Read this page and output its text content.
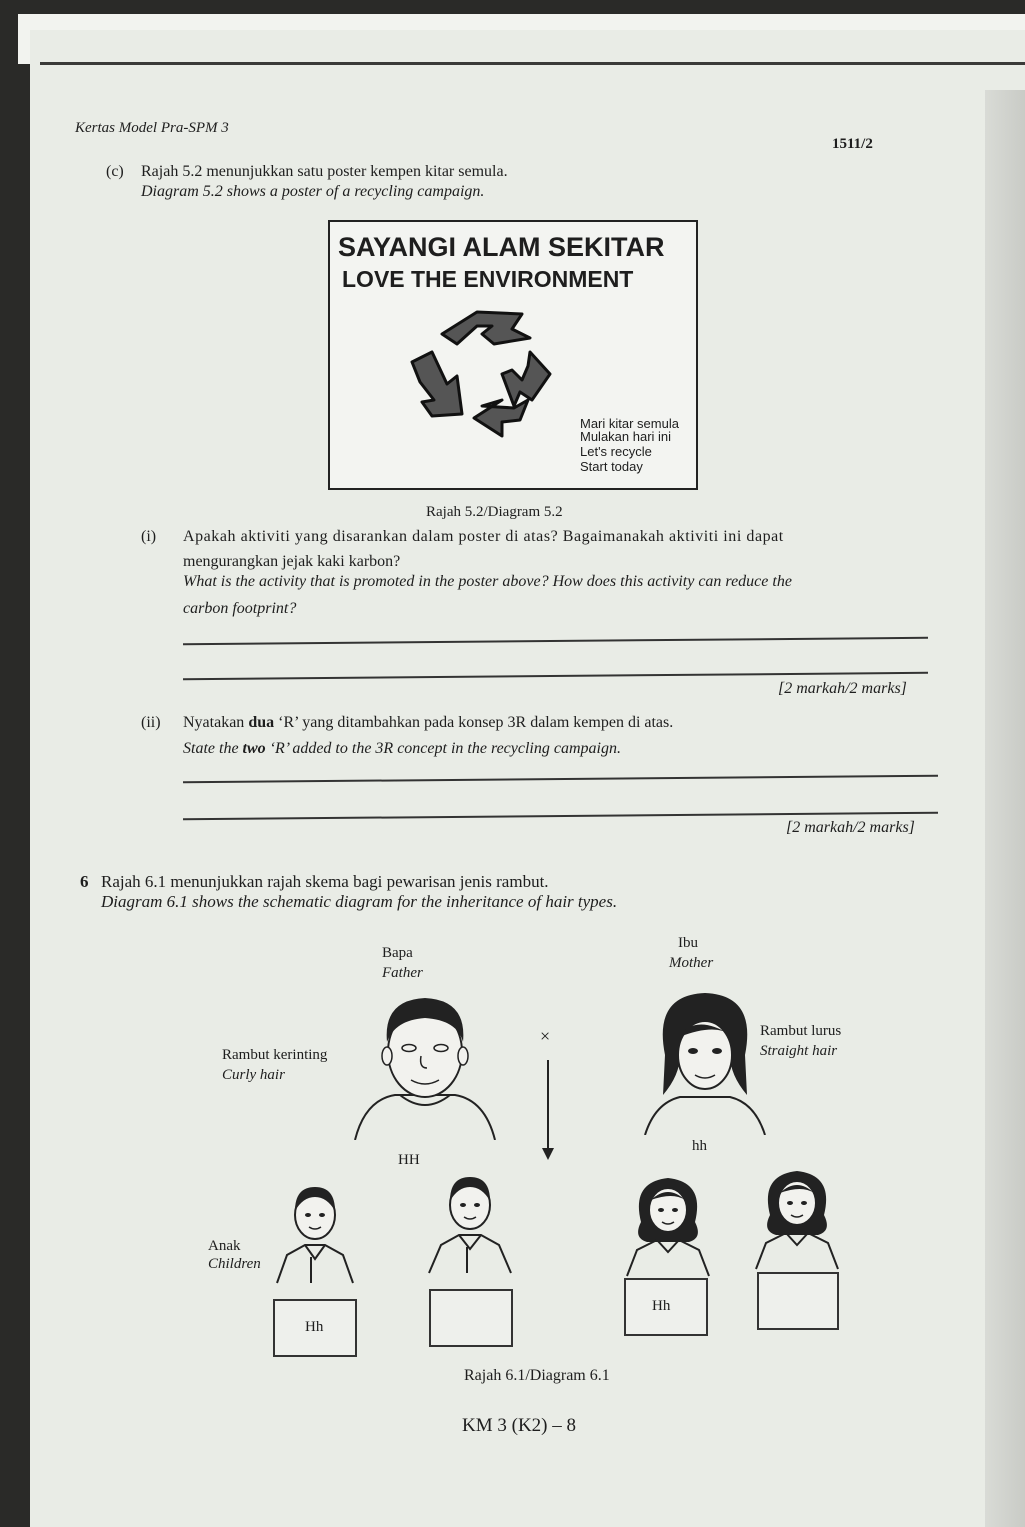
Kertas Model Pra-SPM 3
1511/2
(c) Rajah 5.2 menunjukkan satu poster kempen kitar semula.
Diagram 5.2 shows a poster of a recycling campaign.
SAYANGI ALAM SEKITAR
LOVE THE ENVIRONMENT
Mari kitar semula
Mulakan hari ini
Let's recycle
Start today
Rajah 5.2/Diagram 5.2
(i) Apakah aktiviti yang disarankan dalam poster di atas? Bagaimanakah aktiviti ini dapat
mengurangkan jejak kaki karbon?
What is the activity that is promoted in the poster above? How does this activity can reduce the
carbon footprint?
[2 markah/2 marks]
(ii) Nyatakan dua ‘R’ yang ditambahkan pada konsep 3R dalam kempen di atas.
State the two ‘R’ added to the 3R concept in the recycling campaign.
[2 markah/2 marks]
6 Rajah 6.1 menunjukkan rajah skema bagi pewarisan jenis rambut.
Diagram 6.1 shows the schematic diagram for the inheritance of hair types.
Bapa
Father
Ibu
Mother
×
Rambut kerinting
Curly hair
Rambut lurus
Straight hair
HH
hh
Anak
Children
Hh
Hh
Rajah 6.1/Diagram 6.1
KM 3 (K2) – 8
